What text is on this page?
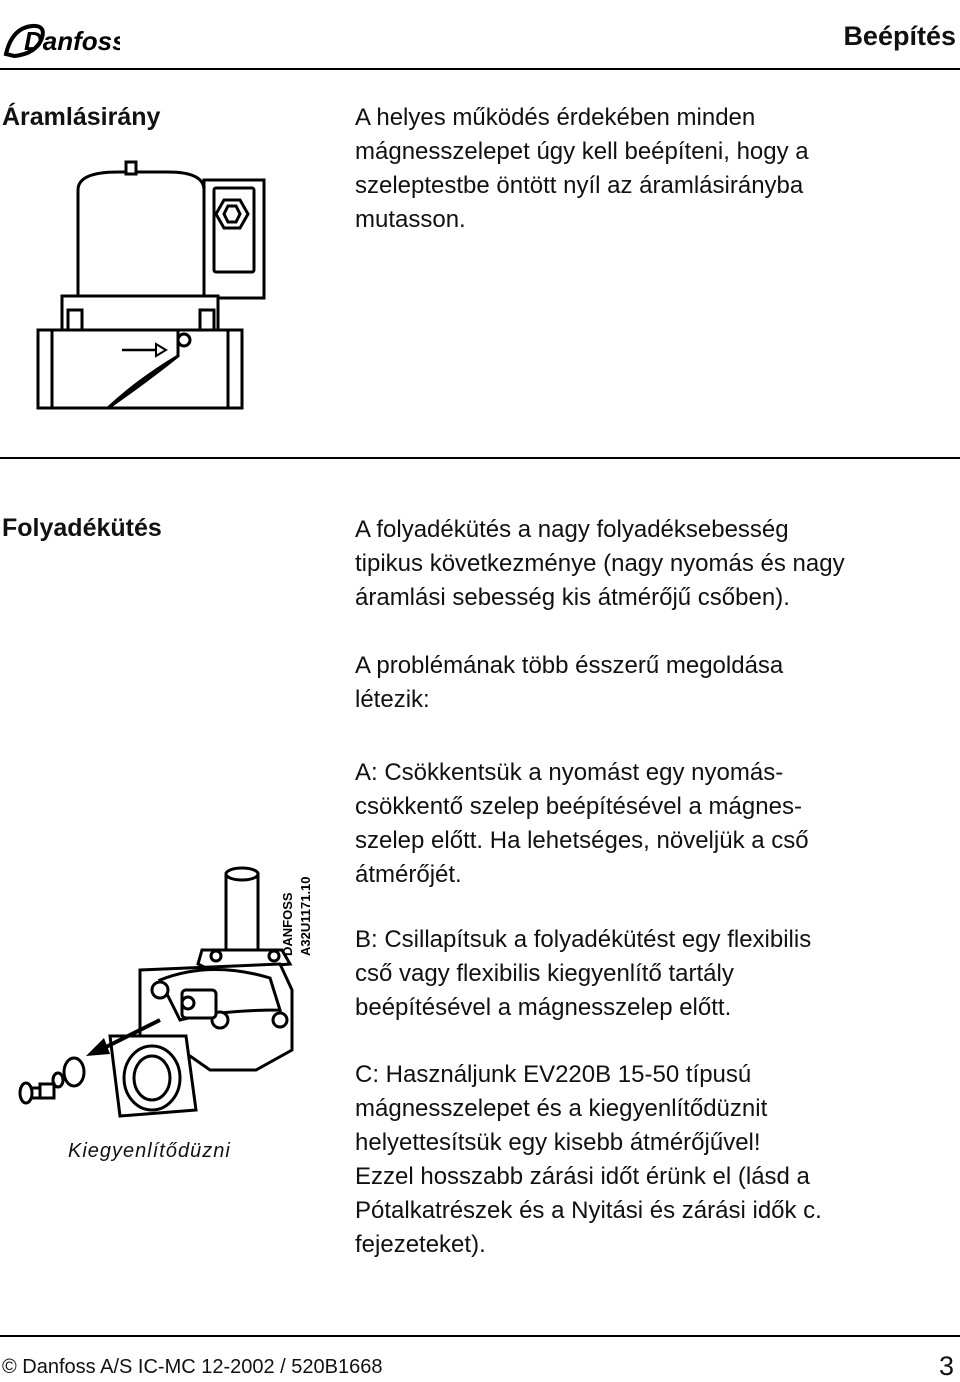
Danfoss	Beépítés
Áramlásirány	A helyes működés érdekében minden
mágnesszelepet úgy kell beépíteni, hogy a
szeleptestbe öntött nyíl az áramlásirányba
mutasson.
Folyadékütés	A folyadékütés a nagy folyadéksebesség
tipikus következménye (nagy nyomás és nagy
áramlási sebesség kis átmérőjű csőben).
A problémának több ésszerű megoldása
létezik:
A: Csökkentsük a nyomást egy nyomás-
csökkentő szelep beépítésével a mágnes-
szelep előtt. Ha lehetséges, növeljük a cső
átmérőjét.
B: Csillapítsuk a folyadékütést egy flexibilis
cső vagy flexibilis kiegyenlítő tartály
beépítésével a mágnesszelep előtt.
C: Használjunk EV220B 15-50 típusú
mágnesszelepet és a kiegyenlítődüznit
helyettesítsük egy kisebb átmérőjűvel!
Ezzel hosszabb zárási időt érünk el (lásd a
Pótalkatrészek és a Nyitási és zárási idők c.
fejezeteket).
DANFOSS A32U1171.10
Kiegyenlítődüzni
© Danfoss A/S IC-MC 12-2002 / 520B1668	3
